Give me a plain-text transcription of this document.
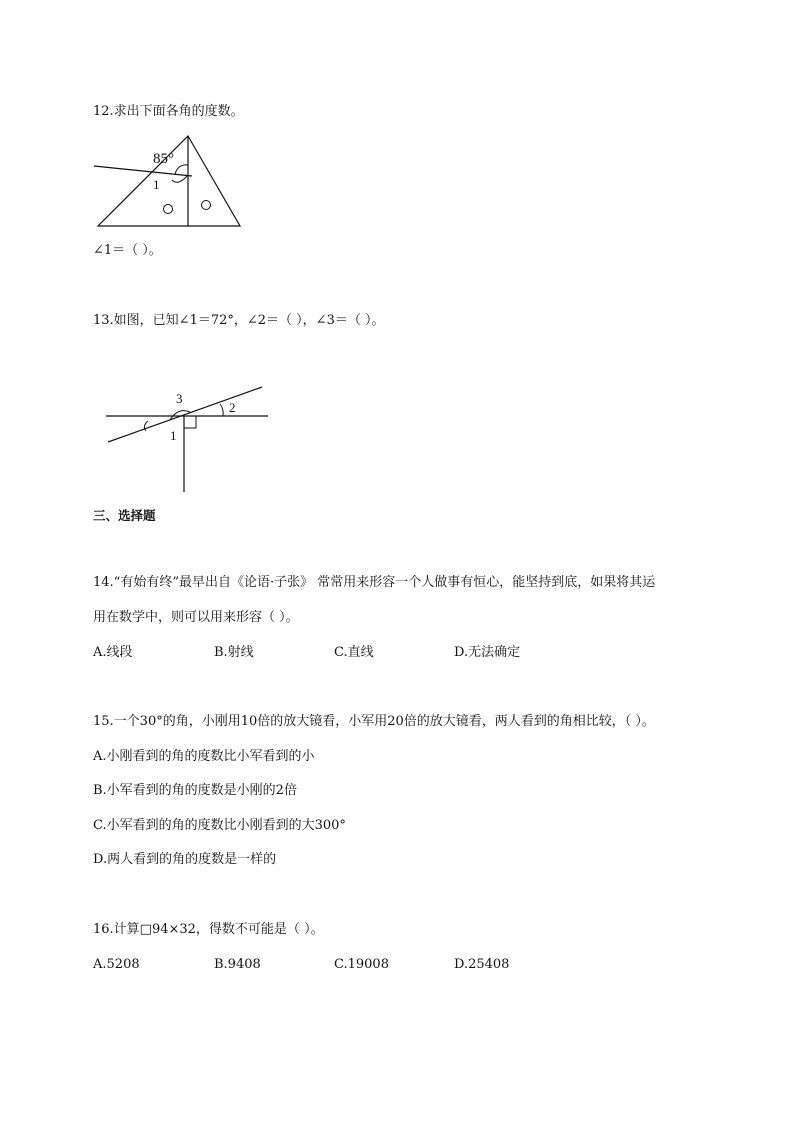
12.求出下面各角的度数。
85°
1
∠1＝（ ）。
13.如图，已知∠1＝72°，∠2＝（ ），∠3＝（ ）。
3
2
1
三、选择题
14.“有始有终”最早出自《论语·子张》 常常用来形容一个人做事有恒心，能坚持到底，如果将其运
用在数学中，则可以用来形容（ ）。
A.线段	B.射线	C.直线	D.无法确定
15.一个30°的角，小刚用10倍的放大镜看，小军用20倍的放大镜看，两人看到的角相比较，（ ）。
A.小刚看到的角的度数比小军看到的小
B.小军看到的角的度数是小刚的2倍
C.小军看到的角的度数比小刚看到的大300°
D.两人看到的角的度数是一样的
16.计算□94×32，得数不可能是（ ）。
A.5208	B.9408	C.19008	D.25408
